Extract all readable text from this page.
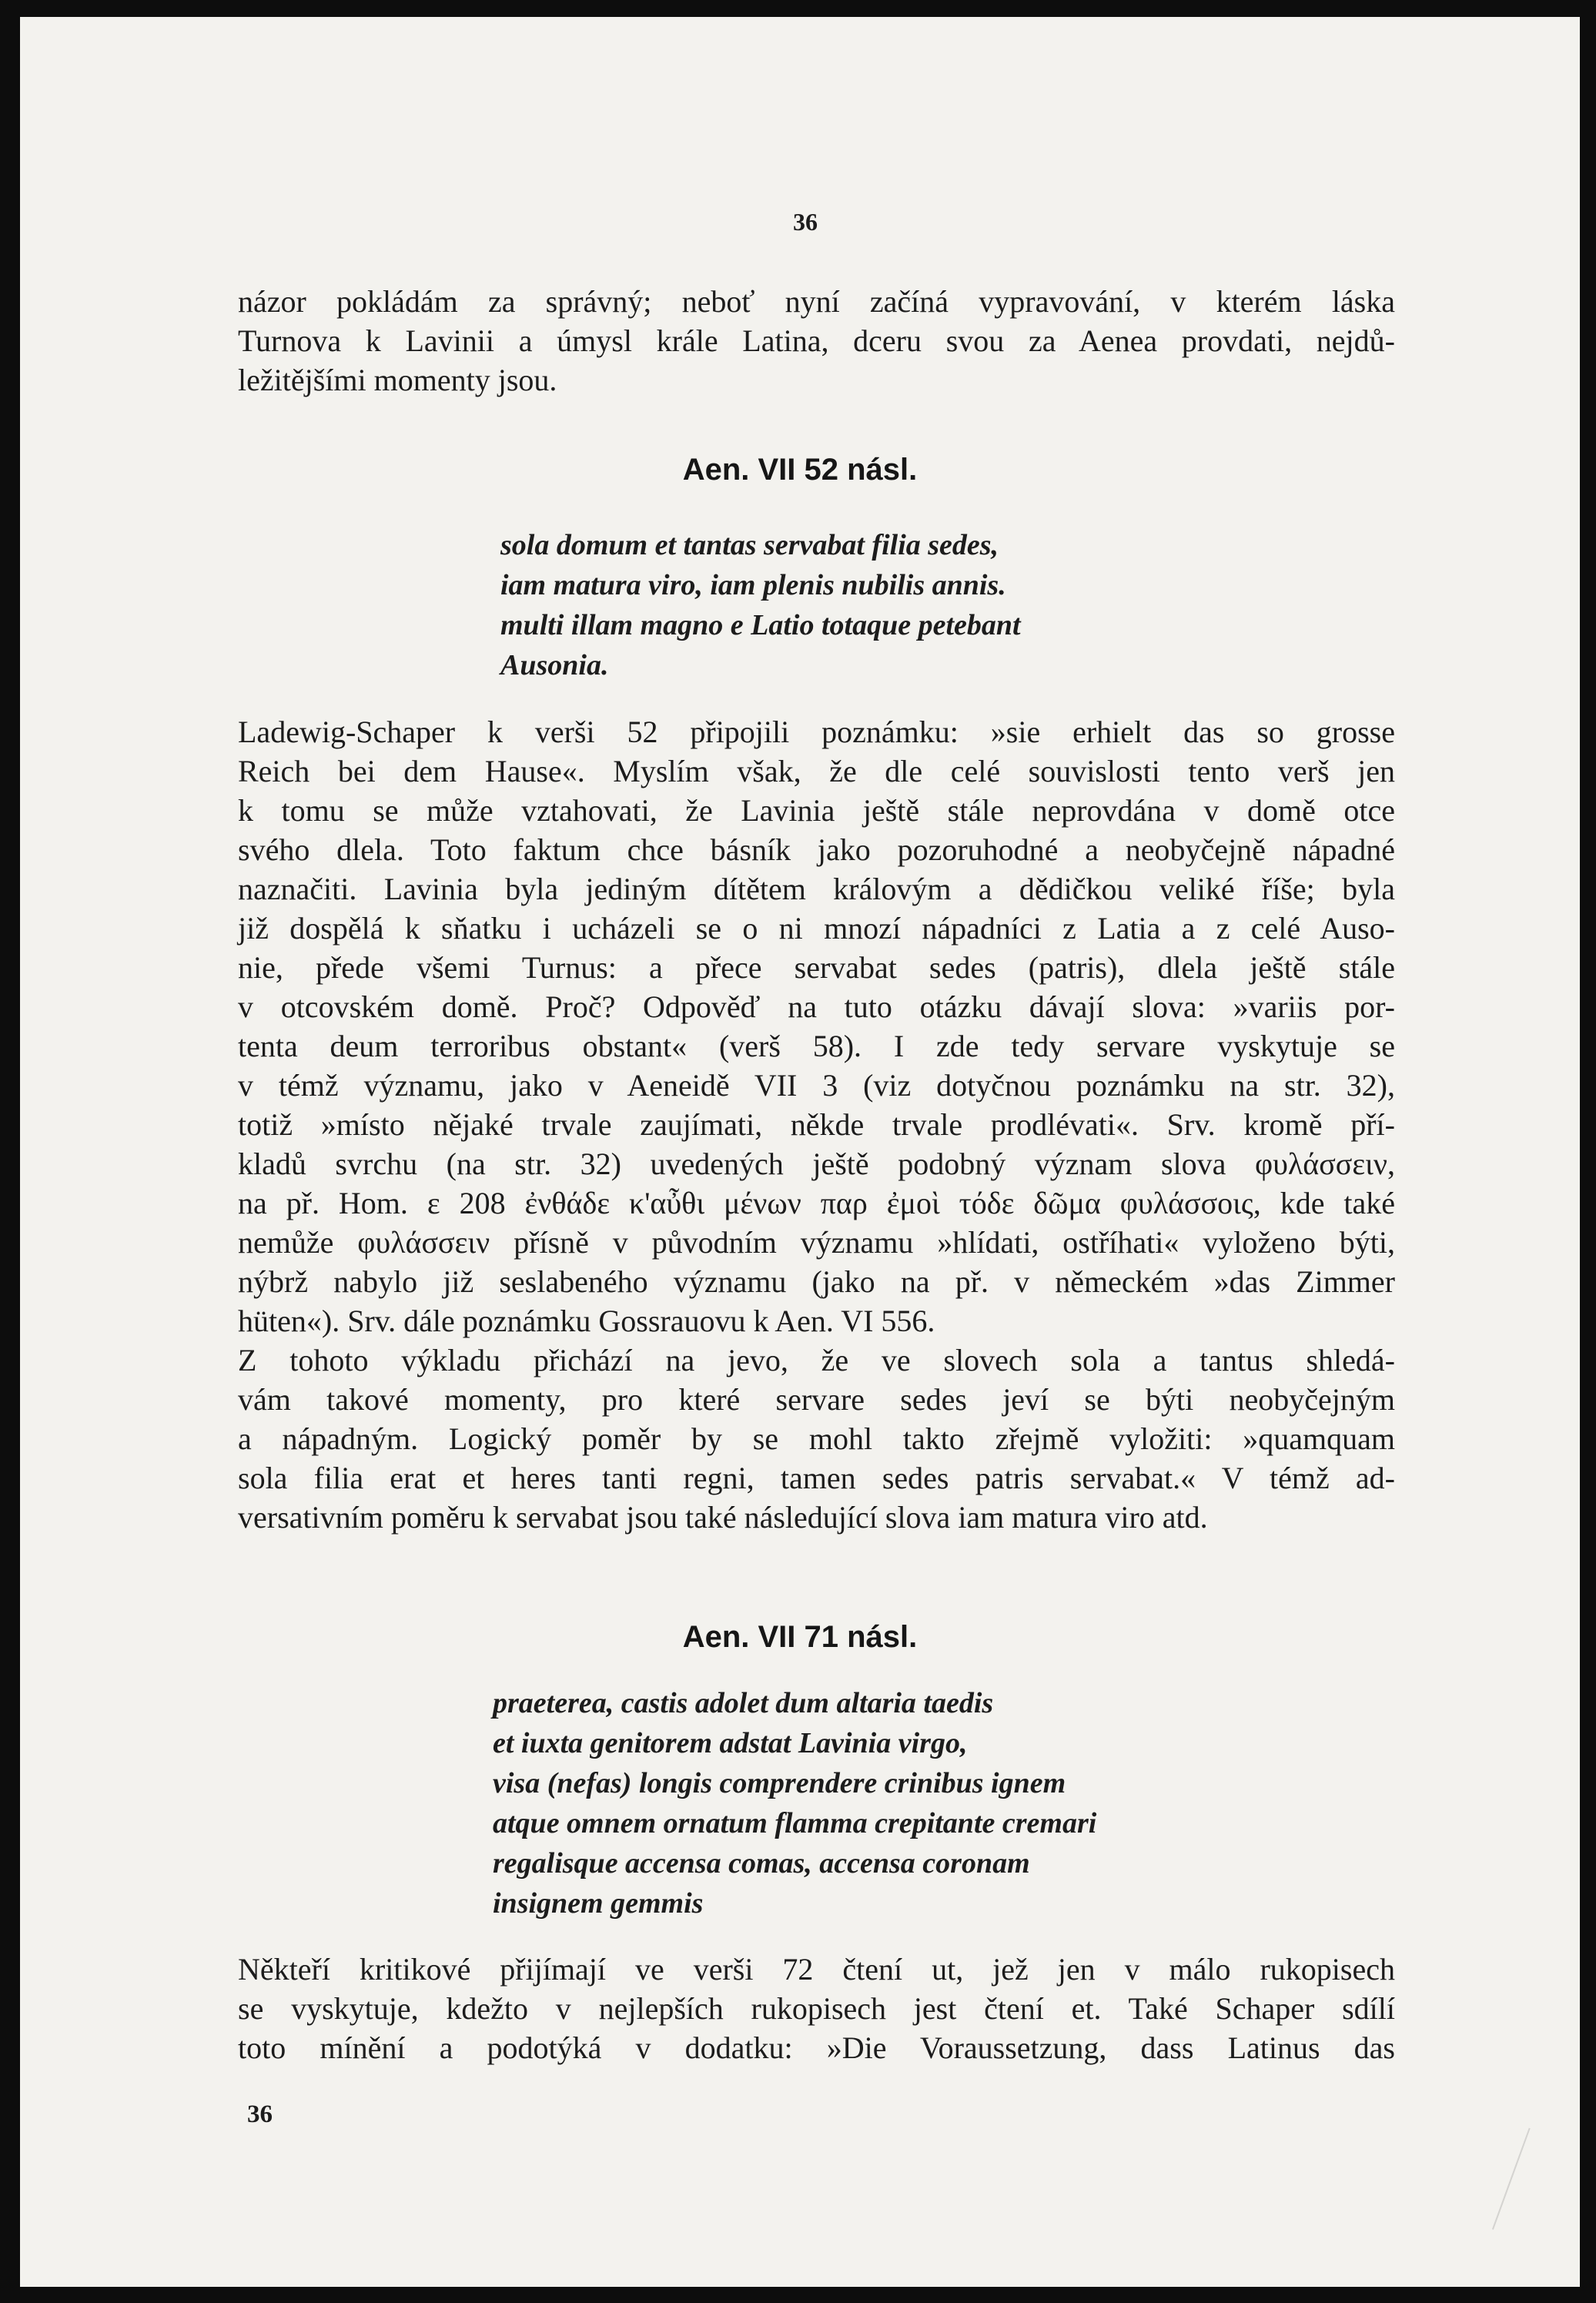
36

názor pokládám za správný; neboť nyní začíná vypravování, v kterém láska
Turnova k Lavinii a úmysl krále Latina, dceru svou za Aenea provdati, nejdů-
ležitějšími momenty jsou.

Aen. VII 52 násl.
sola domum et tantas servabat filia sedes,
iam matura viro, iam plenis nubilis annis.
multi illam magno e Latio totaque petebant
Ausonia.

Ladewig-Schaper k verši 52 připojili poznámku: »sie erhielt das so grosse
Reich bei dem Hause«. Myslím však, že dle celé souvislosti tento verš jen
k tomu se může vztahovati, že Lavinia ještě stále neprovdána v domě otce
svého dlela. Toto faktum chce básník jako pozoruhodné a neobyčejně nápadné
naznačiti. Lavinia byla jediným dítětem královým a dědičkou veliké říše; byla
již dospělá k sňatku i ucházeli se o ni mnozí nápadníci z Latia a z celé Auso-
nie, přede všemi Turnus: a přece servabat sedes (patris), dlela ještě stále
v otcovském domě. Proč? Odpověď na tuto otázku dávají slova: »variis por-
tenta deum terroribus obstant« (verš 58). I zde tedy servare vyskytuje se
v témž významu, jako v Aeneidě VII 3 (viz dotyčnou poznámku na str. 32),
totiž »místo nějaké trvale zaujímati, někde trvale prodlévati«. Srv. kromě pří-
kladů svrchu (na str. 32) uvedených ještě podobný význam slova φυλάσσειν,
na př. Hom. ε 208 ἐνθάδε κ'αὖθι μένων παρ ἐμοὶ τόδε δῶμα φυλάσσοις, kde také
nemůže φυλάσσειν přísně v původním významu »hlídati, ostříhati« vyloženo býti,
nýbrž nabylo již seslabeného významu (jako na př. v německém »das Zimmer
hüten«). Srv. dále poznámku Gossrauovu k Aen. VI 556.

Z tohoto výkladu přichází na jevo, že ve slovech sola a tantus shledá-
vám takové momenty, pro které servare sedes jeví se býti neobyčejným
a nápadným. Logický poměr by se mohl takto zřejmě vyložiti: »quamquam
sola filia erat et heres tanti regni, tamen sedes patris servabat.« V témž ad-
versativním poměru k servabat jsou také následující slova iam matura viro atd.

Aen. VII 71 násl.
praeterea, castis adolet dum altaria taedis
et iuxta genitorem adstat Lavinia virgo,
visa (nefas) longis comprendere crinibus ignem
atque omnem ornatum flamma crepitante cremari
regalisque accensa comas, accensa coronam
insignem gemmis

Někteří kritikové přijímají ve verši 72 čtení ut, jež jen v málo rukopisech
se vyskytuje, kdežto v nejlepších rukopisech jest čtení et. Také Schaper sdílí
toto mínění a podotýká v dodatku: »Die Voraussetzung, dass Latinus das

36
